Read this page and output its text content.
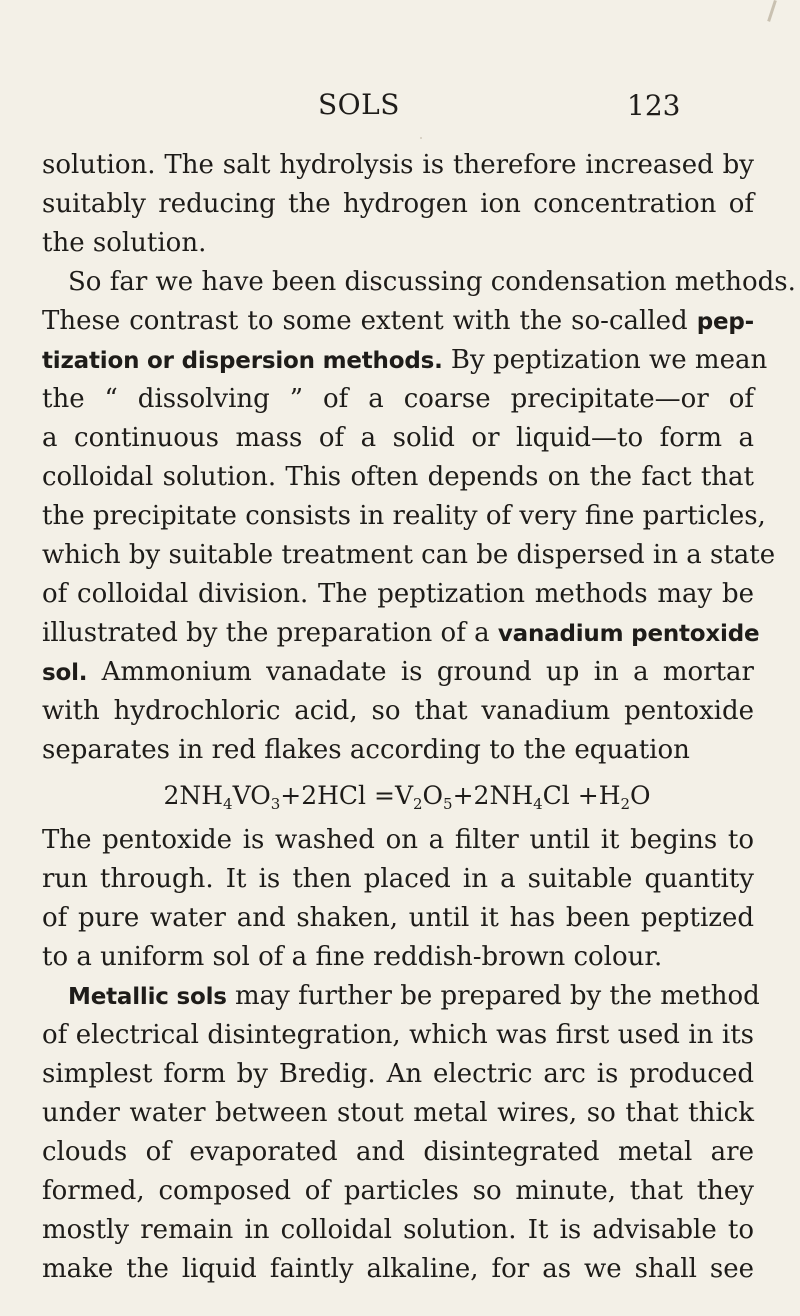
SOLS	123
solution. The salt hydrolysis is therefore increased by
suitably reducing the hydrogen ion concentration of
the solution.
So far we have been discussing condensation methods.
These contrast to some extent with the so-called pep-
tization or dispersion methods. By peptization we mean
the “ dissolving ” of a coarse precipitate—or of
a continuous mass of a solid or liquid—to form a
colloidal solution. This often depends on the fact that
the precipitate consists in reality of very fine particles,
which by suitable treatment can be dispersed in a state
of colloidal division. The peptization methods may be
illustrated by the preparation of a vanadium pentoxide
sol. Ammonium vanadate is ground up in a mortar
with hydrochloric acid, so that vanadium pentoxide
separates in red flakes according to the equation
$2NH_4VO_3+2HCl =V_2O_5+2NH_4Cl +H_2O$
The pentoxide is washed on a filter until it begins to
run through. It is then placed in a suitable quantity
of pure water and shaken, until it has been peptized
to a uniform sol of a fine reddish-brown colour.
Metallic sols may further be prepared by the method
of electrical disintegration, which was first used in its
simplest form by Bredig. An electric arc is produced
under water between stout metal wires, so that thick
clouds of evaporated and disintegrated metal are
formed, composed of particles so minute, that they
mostly remain in colloidal solution. It is advisable to
make the liquid faintly alkaline, for as we shall see
